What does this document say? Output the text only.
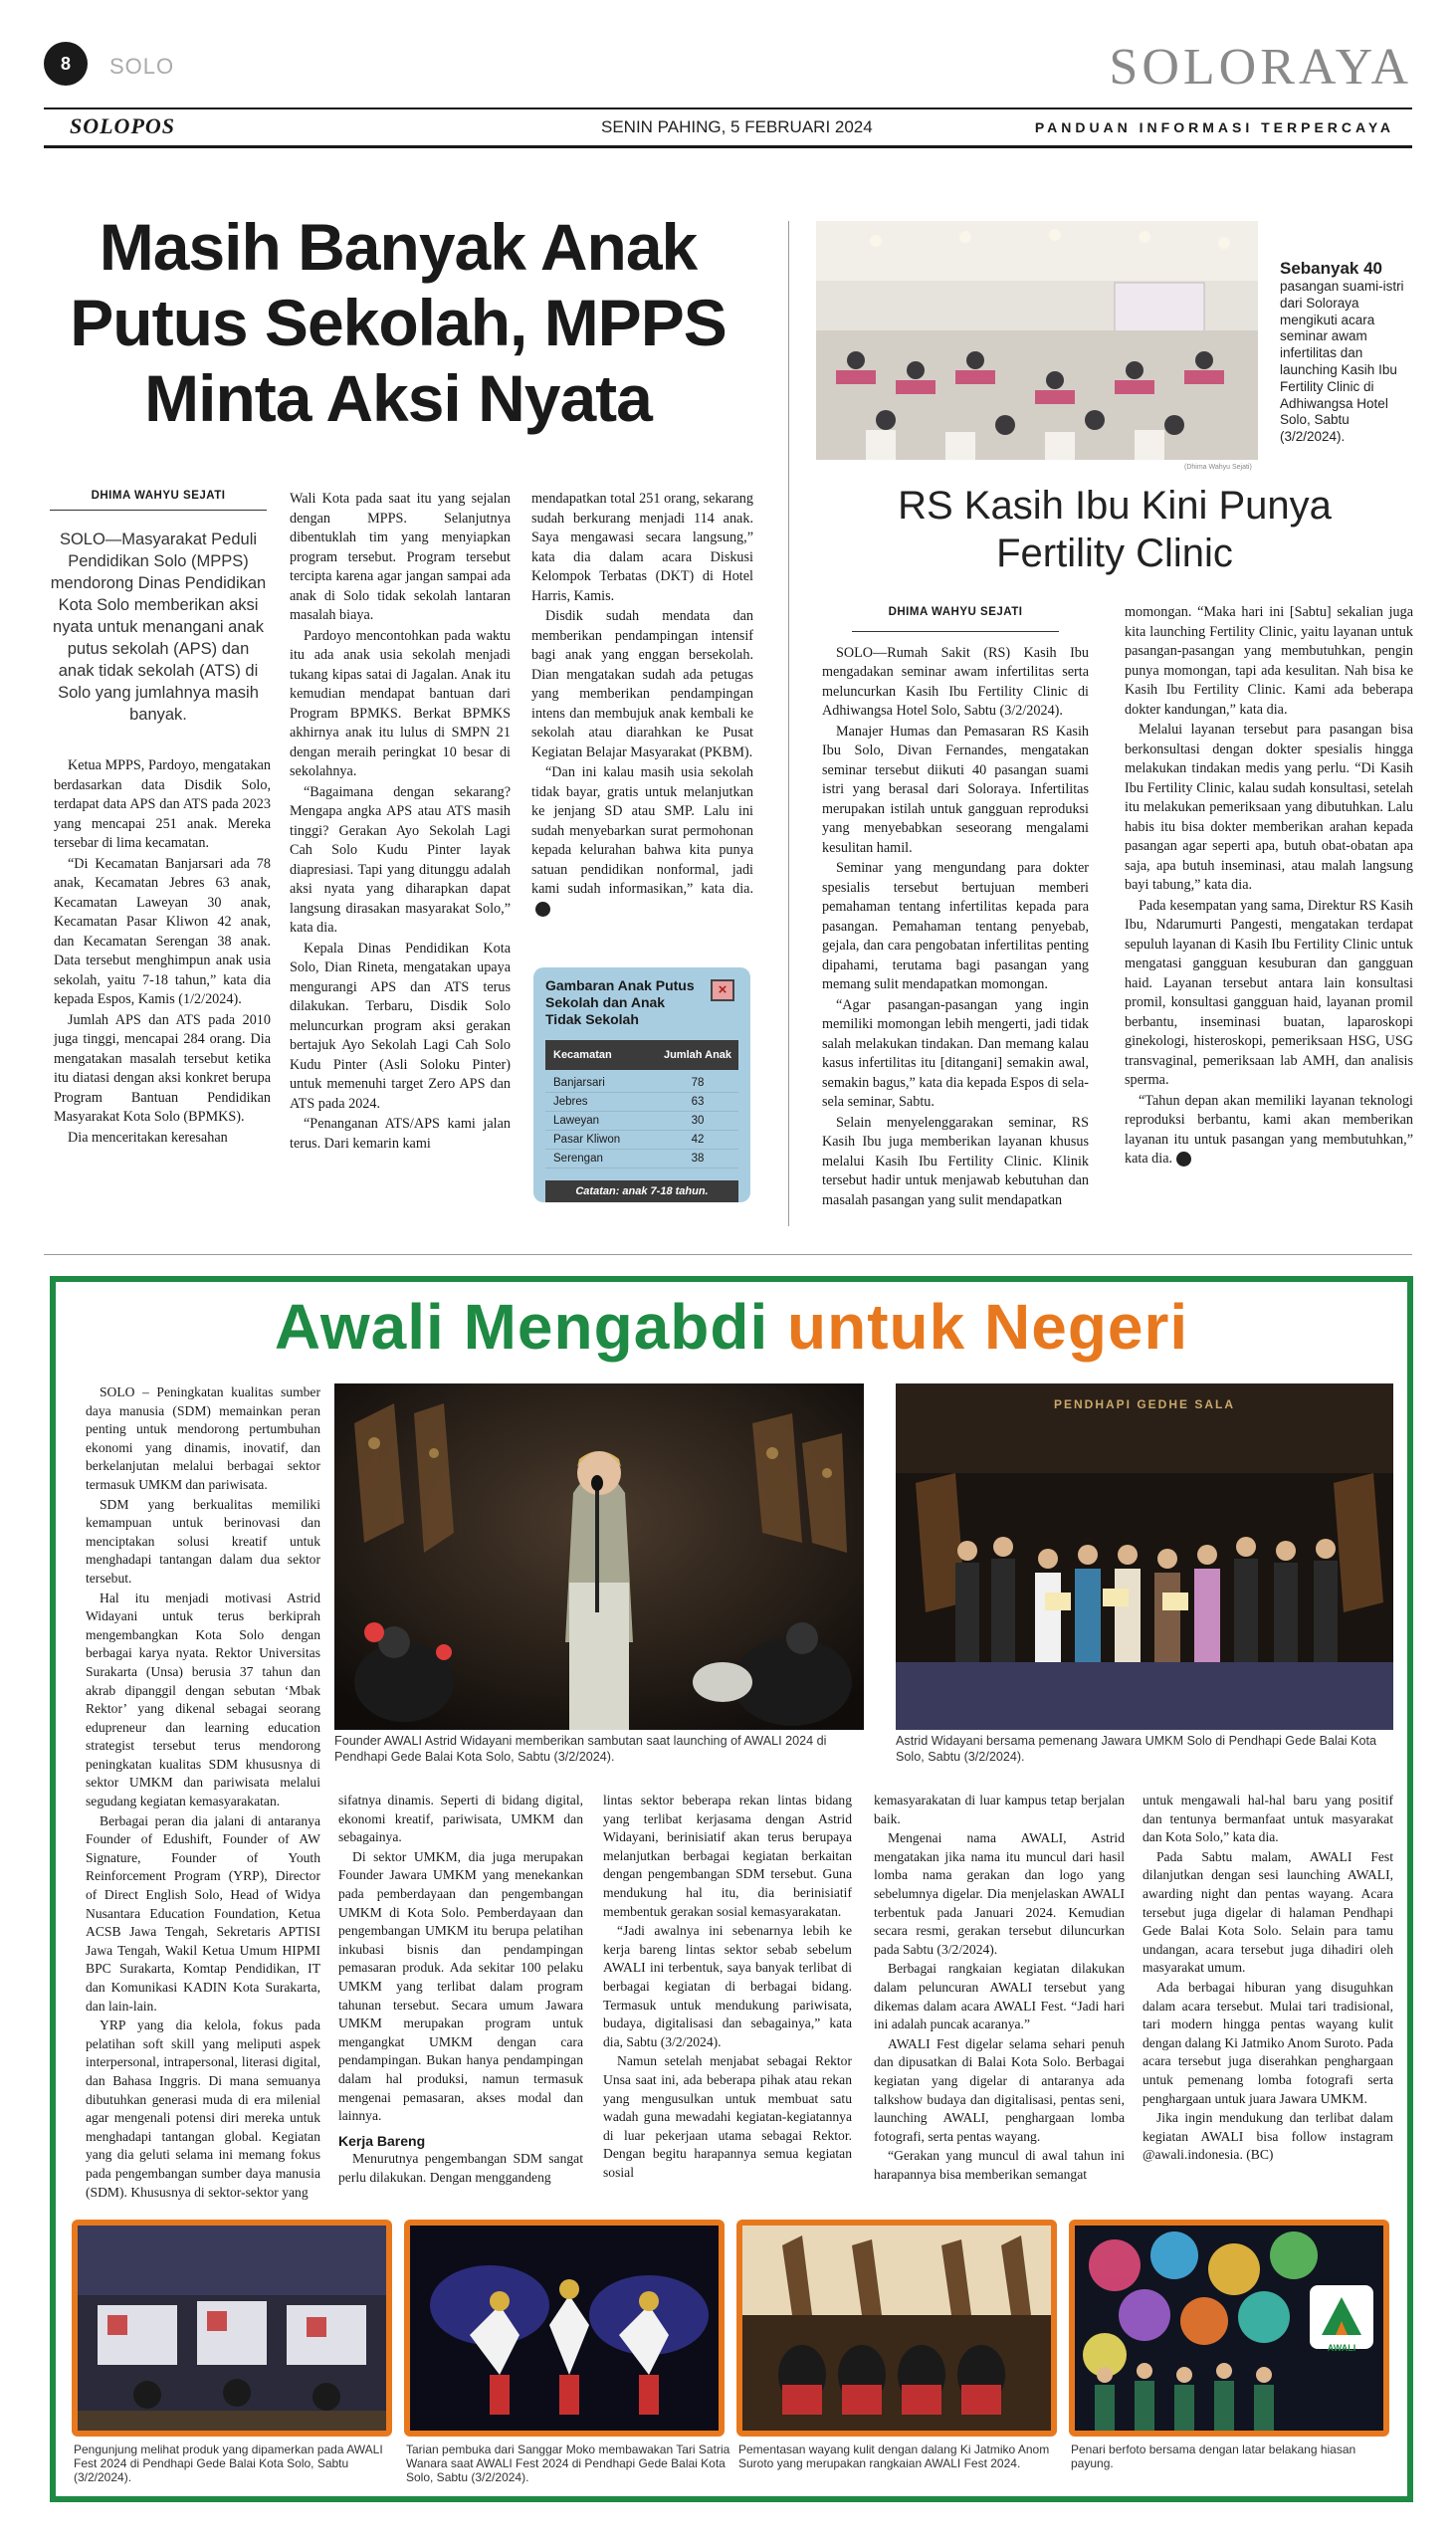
8	SOLO	SOLORAYA
SOLOPOS	SENIN PAHING, 5 FEBRUARI 2024	PANDUAN INFORMASI TERPERCAYA
Masih Banyak Anak Putus Sekolah, MPPS Minta Aksi Nyata
DHIMA WAHYU SEJATI
SOLO—Masyarakat Peduli Pendidikan Solo (MPPS) mendorong Dinas Pendidikan Kota Solo memberikan aksi nyata untuk menangani anak putus sekolah (APS) dan anak tidak sekolah (ATS) di Solo yang jumlahnya masih banyak.

Ketua MPPS, Pardoyo, mengatakan berdasarkan data Disdik Solo, terdapat data APS dan ATS pada 2023 yang mencapai 251 anak. Mereka tersebar di lima kecamatan.

“Di Kecamatan Banjarsari ada 78 anak, Kecamatan Jebres 63 anak, Kecamatan Laweyan 30 anak, Kecamatan Pasar Kliwon 42 anak, dan Kecamatan Serengan 38 anak. Data tersebut menghimpun anak usia sekolah, yaitu 7-18 tahun,” kata dia kepada Espos, Kamis (1/2/2024).

Jumlah APS dan ATS pada 2010 juga tinggi, mencapai 284 orang. Dia mengatakan masalah tersebut ketika itu diatasi dengan aksi konkret berupa Program Bantuan Pendidikan Masyarakat Kota Solo (BPMKS).

Dia menceritakan keresahan

Wali Kota pada saat itu yang sejalan dengan MPPS. Selanjutnya dibentuklah tim yang menyiapkan program tersebut. Program tersebut tercipta karena agar jangan sampai ada anak di Solo tidak sekolah lantaran masalah biaya.

Pardoyo mencontohkan pada waktu itu ada anak usia sekolah menjadi tukang kipas satai di Jagalan. Anak itu kemudian mendapat bantuan dari Program BPMKS. Berkat BPMKS akhirnya anak itu lulus di SMPN 21 dengan meraih peringkat 10 besar di sekolahnya.

“Bagaimana dengan sekarang? Mengapa angka APS atau ATS masih tinggi? Gerakan Ayo Sekolah Lagi Cah Solo Kudu Pinter layak diapresiasi. Tapi yang ditunggu adalah aksi nyata yang diharapkan dapat langsung dirasakan masyarakat Solo,” kata dia.

Kepala Dinas Pendidikan Kota Solo, Dian Rineta, mengatakan upaya mengurangi APS dan ATS terus dilakukan. Terbaru, Disdik Solo meluncurkan program aksi gerakan bertajuk Ayo Sekolah Lagi Cah Solo Kudu Pinter (Asli Soloku Pinter) untuk memenuhi target Zero APS dan ATS pada 2024.

“Penanganan ATS/APS kami jalan terus. Dari kemarin kami

mendapatkan total 251 orang, sekarang sudah berkurang menjadi 114 anak. Saya mengawasi secara langsung,” kata dia dalam acara Diskusi Kelompok Terbatas (DKT) di Hotel Harris, Kamis.

Disdik sudah mendata dan memberikan pendampingan intensif bagi anak yang enggan bersekolah. Dian mengatakan sudah ada petugas yang memberikan pendampingan intens dan membujuk anak kembali ke sekolah atau diarahkan ke Pusat Kegiatan Belajar Masyarakat (PKBM).

“Dan ini kalau masih usia sekolah tidak bayar, gratis untuk melanjutkan ke jenjang SD atau SMP. Lalu ini sudah menyebarkan surat permohonan kepada kelurahan bahwa kita punya satuan pendidikan nonformal, jadi kami sudah informasikan,” kata dia.

Gambaran Anak Putus Sekolah dan Anak Tidak Sekolah
×
Kecamatan	Jumlah Anak
Banjarsari	78
Jebres	63
Laweyan	30
Pasar Kliwon	42
Serengan	38
Catatan: anak 7-18 tahun.
(Dhima Wahyu Sejati)
Sebanyak 40
pasangan suami-istri dari Soloraya mengikuti acara seminar awam infertilitas dan launching Kasih Ibu Fertility Clinic di Adhiwangsa Hotel Solo, Sabtu (3/2/2024).
RS Kasih Ibu Kini Punya Fertility Clinic
DHIMA WAHYU SEJATI

SOLO—Rumah Sakit (RS) Kasih Ibu mengadakan seminar awam infertilitas serta meluncurkan Kasih Ibu Fertility Clinic di Adhiwangsa Hotel Solo, Sabtu (3/2/2024).

Manajer Humas dan Pemasaran RS Kasih Ibu Solo, Divan Fernandes, mengatakan seminar tersebut diikuti 40 pasangan suami istri yang berasal dari Soloraya. Infertilitas merupakan istilah untuk gangguan reproduksi yang menyebabkan seseorang mengalami kesulitan hamil.

Seminar yang mengundang para dokter spesialis tersebut bertujuan memberi pemahaman tentang infertilitas kepada para pasangan. Pemahaman tentang penyebab, gejala, dan cara pengobatan infertilitas penting dipahami, terutama bagi pasangan yang memang sulit mendapatkan momongan.

“Agar pasangan-pasangan yang ingin memiliki momongan lebih mengerti, jadi tidak salah melakukan tindakan. Dan memang kalau kasus infertilitas itu [ditangani] semakin awal, semakin bagus,” kata dia kepada Espos di sela-sela seminar, Sabtu.

Selain menyelenggarakan seminar, RS Kasih Ibu juga memberikan layanan khusus melalui Kasih Ibu Fertility Clinic. Klinik tersebut hadir untuk menjawab kebutuhan dan masalah pasangan yang sulit mendapatkan

momongan. “Maka hari ini [Sabtu] sekalian juga kita launching Fertility Clinic, yaitu layanan untuk pasangan-pasangan yang membutuhkan, pengin punya momongan, tapi ada kesulitan. Nah bisa ke Kasih Ibu Fertility Clinic. Kami ada beberapa dokter kandungan,” kata dia.

Melalui layanan tersebut para pasangan bisa berkonsultasi dengan dokter spesialis hingga melakukan tindakan medis yang perlu. “Di Kasih Ibu Fertility Clinic, kalau sudah konsultasi, setelah itu melakukan pemeriksaan yang dibutuhkan. Lalu habis itu bisa dokter memberikan arahan kepada pasangan agar seperti apa, butuh obat-obatan apa saja, apa butuh inseminasi, atau malah langsung bayi tabung,” kata dia.

Pada kesempatan yang sama, Direktur RS Kasih Ibu, Ndarumurti Pangesti, mengatakan terdapat sepuluh layanan di Kasih Ibu Fertility Clinic untuk mengatasi gangguan kesuburan dan gangguan haid. Layanan tersebut antara lain konsultasi promil, konsultasi gangguan haid, layanan promil berbantu, inseminasi buatan, laparoskopi ginekologi, histeroskopi, pemeriksaan HSG, USG transvaginal, pemeriksaan lab AMH, dan analisis sperma.

“Tahun depan akan memiliki layanan teknologi reproduksi berbantu, kami akan memberikan layanan itu untuk pasangan yang membutuhkan,” kata dia.

Awali Mengabdi untuk Negeri

SOLO – Peningkatan kualitas sumber daya manusia (SDM) memainkan peran penting untuk mendorong pertumbuhan ekonomi yang dinamis, inovatif, dan berkelanjutan melalui berbagai sektor termasuk UMKM dan pariwisata.

SDM yang berkualitas memiliki kemampuan untuk berinovasi dan menciptakan solusi kreatif untuk menghadapi tantangan dalam dua sektor tersebut.

Hal itu menjadi motivasi Astrid Widayani untuk terus berkiprah mengembangkan Kota Solo dengan berbagai karya nyata. Rektor Universitas Surakarta (Unsa) berusia 37 tahun dan akrab dipanggil dengan sebutan ‘Mbak Rektor’ yang dikenal sebagai seorang edupreneur dan learning education strategist tersebut terus mendorong peningkatan kualitas SDM khususnya di sektor UMKM dan pariwisata melalui segudang kegiatan kemasyarakatan.

Berbagai peran dia jalani di antaranya Founder of Edushift, Founder of AW Signature, Founder of Youth Reinforcement Program (YRP), Director of Direct English Solo, Head of Widya Nusantara Education Foundation, Ketua ACSB Jawa Tengah, Sekretaris APTISI Jawa Tengah, Wakil Ketua Umum HIPMI BPC Surakarta, Komtap Pendidikan, IT dan Komunikasi KADIN Kota Surakarta, dan lain-lain.

YRP yang dia kelola, fokus pada pelatihan soft skill yang meliputi aspek interpersonal, intrapersonal, literasi digital, dan Bahasa Inggris. Di mana semuanya dibutuhkan generasi muda di era milenial agar mengenali potensi diri mereka untuk menghadapi tantangan global. Kegiatan yang dia geluti selama ini memang fokus pada pengembangan sumber daya manusia (SDM). Khususnya di sektor-sektor yang

Founder AWALI Astrid Widayani memberikan sambutan saat launching of AWALI 2024 di Pendhapi Gede Balai Kota Solo, Sabtu (3/2/2024).
PENDHAPI GEDHE SALA
Astrid Widayani bersama pemenang Jawara UMKM Solo di Pendhapi Gede Balai Kota Solo, Sabtu (3/2/2024).

sifatnya dinamis. Seperti di bidang digital, ekonomi kreatif, pariwisata, UMKM dan sebagainya.

Di sektor UMKM, dia juga merupakan Founder Jawara UMKM yang menekankan pada pemberdayaan dan pengembangan UMKM di Kota Solo. Pemberdayaan dan pengembangan UMKM itu berupa pelatihan inkubasi bisnis dan pendampingan pemasaran produk. Ada sekitar 100 pelaku UMKM yang terlibat dalam program tahunan tersebut. Secara umum Jawara UMKM merupakan program untuk mengangkat UMKM dengan cara pendampingan. Bukan hanya pendampingan dalam hal produksi, namun termasuk mengenai pemasaran, akses modal dan lainnya.

Kerja Bareng

Menurutnya pengembangan SDM sangat perlu dilakukan. Dengan menggandeng

lintas sektor beberapa rekan lintas bidang yang terlibat kerjasama dengan Astrid Widayani, berinisiatif akan terus berupaya melanjutkan berbagai kegiatan berkaitan dengan pengembangan SDM tersebut. Guna mendukung hal itu, dia berinisiatif membentuk gerakan sosial kemasyarakatan.

“Jadi awalnya ini sebenarnya lebih ke kerja bareng lintas sektor sebab sebelum AWALI ini terbentuk, saya banyak terlibat di berbagai kegiatan di berbagai bidang. Termasuk untuk mendukung pariwisata, budaya, digitalisasi dan sebagainya,” kata dia, Sabtu (3/2/2024).

Namun setelah menjabat sebagai Rektor Unsa saat ini, ada beberapa pihak atau rekan yang mengusulkan untuk membuat satu wadah guna mewadahi kegiatan-kegiatannya di luar pekerjaan utama sebagai Rektor. Dengan begitu harapannya semua kegiatan sosial

kemasyarakatan di luar kampus tetap berjalan baik.

Mengenai nama AWALI, Astrid mengatakan jika nama itu muncul dari hasil lomba nama gerakan dan logo yang sebelumnya digelar. Dia menjelaskan AWALI terbentuk pada Januari 2024. Kemudian secara resmi, gerakan tersebut diluncurkan pada Sabtu (3/2/2024).

Berbagai rangkaian kegiatan dilakukan dalam peluncuran AWALI tersebut yang dikemas dalam acara AWALI Fest. “Jadi hari ini adalah puncak acaranya.”

AWALI Fest digelar selama sehari penuh dan dipusatkan di Balai Kota Solo. Berbagai kegiatan yang digelar di antaranya ada talkshow budaya dan digitalisasi, pentas seni, launching AWALI, penghargaan lomba fotografi, serta pentas wayang.

“Gerakan yang muncul di awal tahun ini harapannya bisa memberikan semangat

untuk mengawali hal-hal baru yang positif dan tentunya bermanfaat untuk masyarakat dan Kota Solo,” kata dia.

Pada Sabtu malam, AWALI Fest dilanjutkan dengan sesi launching AWALI, awarding night dan pentas wayang. Acara tersebut juga digelar di halaman Pendhapi Gede Balai Kota Solo. Selain para tamu undangan, acara tersebut juga dihadiri oleh masyarakat umum.

Ada berbagai hiburan yang disuguhkan dalam acara tersebut. Mulai tari tradisional, tari modern hingga pentas wayang kulit dengan dalang Ki Jatmiko Anom Suroto. Pada acara tersebut juga diserahkan penghargaan untuk pemenang lomba fotografi serta penghargaan untuk juara Jawara UMKM.

Jika ingin mendukung dan terlibat dalam kegiatan AWALI bisa follow instagram @awali.indonesia. (BC)

Pengunjung melihat produk yang dipamerkan pada AWALI Fest 2024 di Pendhapi Gede Balai Kota Solo, Sabtu (3/2/2024).
Tarian pembuka dari Sanggar Moko membawakan Tari Satria Wanara saat AWALI Fest 2024 di Pendhapi Gede Balai Kota Solo, Sabtu (3/2/2024).
Pementasan wayang kulit dengan dalang Ki Jatmiko Anom Suroto yang merupakan rangkaian AWALI Fest 2024.
AWALI
Penari berfoto bersama dengan latar belakang hiasan payung.
